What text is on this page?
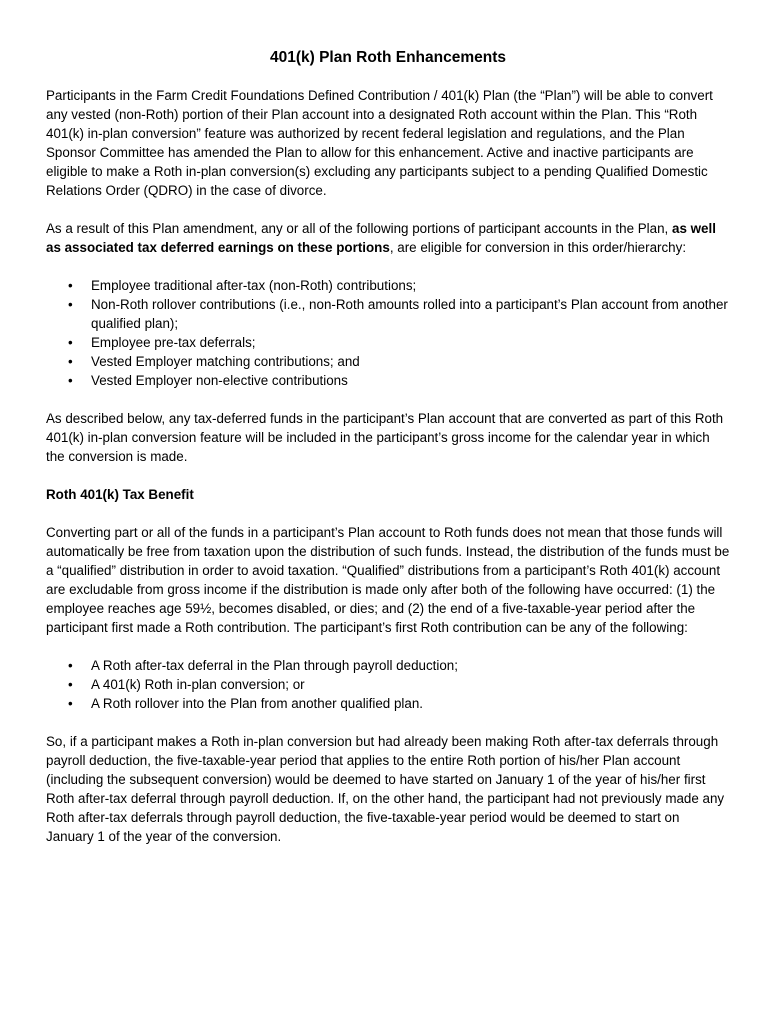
401(k) Plan Roth Enhancements

Participants in the Farm Credit Foundations Defined Contribution / 401(k) Plan (the “Plan”) will be able to convert any vested (non-Roth) portion of their Plan account into a designated Roth account within the Plan. This “Roth 401(k) in-plan conversion” feature was authorized by recent federal legislation and regulations, and the Plan Sponsor Committee has amended the Plan to allow for this enhancement. Active and inactive participants are eligible to make a Roth in-plan conversion(s) excluding any participants subject to a pending Qualified Domestic Relations Order (QDRO) in the case of divorce.

As a result of this Plan amendment, any or all of the following portions of participant accounts in the Plan, as well as associated tax deferred earnings on these portions, are eligible for conversion in this order/hierarchy:

• Employee traditional after-tax (non-Roth) contributions;
• Non-Roth rollover contributions (i.e., non-Roth amounts rolled into a participant’s Plan account from another qualified plan);
• Employee pre-tax deferrals;
• Vested Employer matching contributions; and
• Vested Employer non-elective contributions

As described below, any tax-deferred funds in the participant’s Plan account that are converted as part of this Roth 401(k) in-plan conversion feature will be included in the participant’s gross income for the calendar year in which the conversion is made.

Roth 401(k) Tax Benefit

Converting part or all of the funds in a participant’s Plan account to Roth funds does not mean that those funds will automatically be free from taxation upon the distribution of such funds. Instead, the distribution of the funds must be a “qualified” distribution in order to avoid taxation. “Qualified” distributions from a participant’s Roth 401(k) account are excludable from gross income if the distribution is made only after both of the following have occurred: (1) the employee reaches age 59½, becomes disabled, or dies; and (2) the end of a five-taxable-year period after the participant first made a Roth contribution. The participant’s first Roth contribution can be any of the following:

• A Roth after-tax deferral in the Plan through payroll deduction;
• A 401(k) Roth in-plan conversion; or
• A Roth rollover into the Plan from another qualified plan.

So, if a participant makes a Roth in-plan conversion but had already been making Roth after-tax deferrals through payroll deduction, the five-taxable-year period that applies to the entire Roth portion of his/her Plan account (including the subsequent conversion) would be deemed to have started on January 1 of the year of his/her first Roth after-tax deferral through payroll deduction. If, on the other hand, the participant had not previously made any Roth after-tax deferrals through payroll deduction, the five-taxable-year period would be deemed to start on January 1 of the year of the conversion.
